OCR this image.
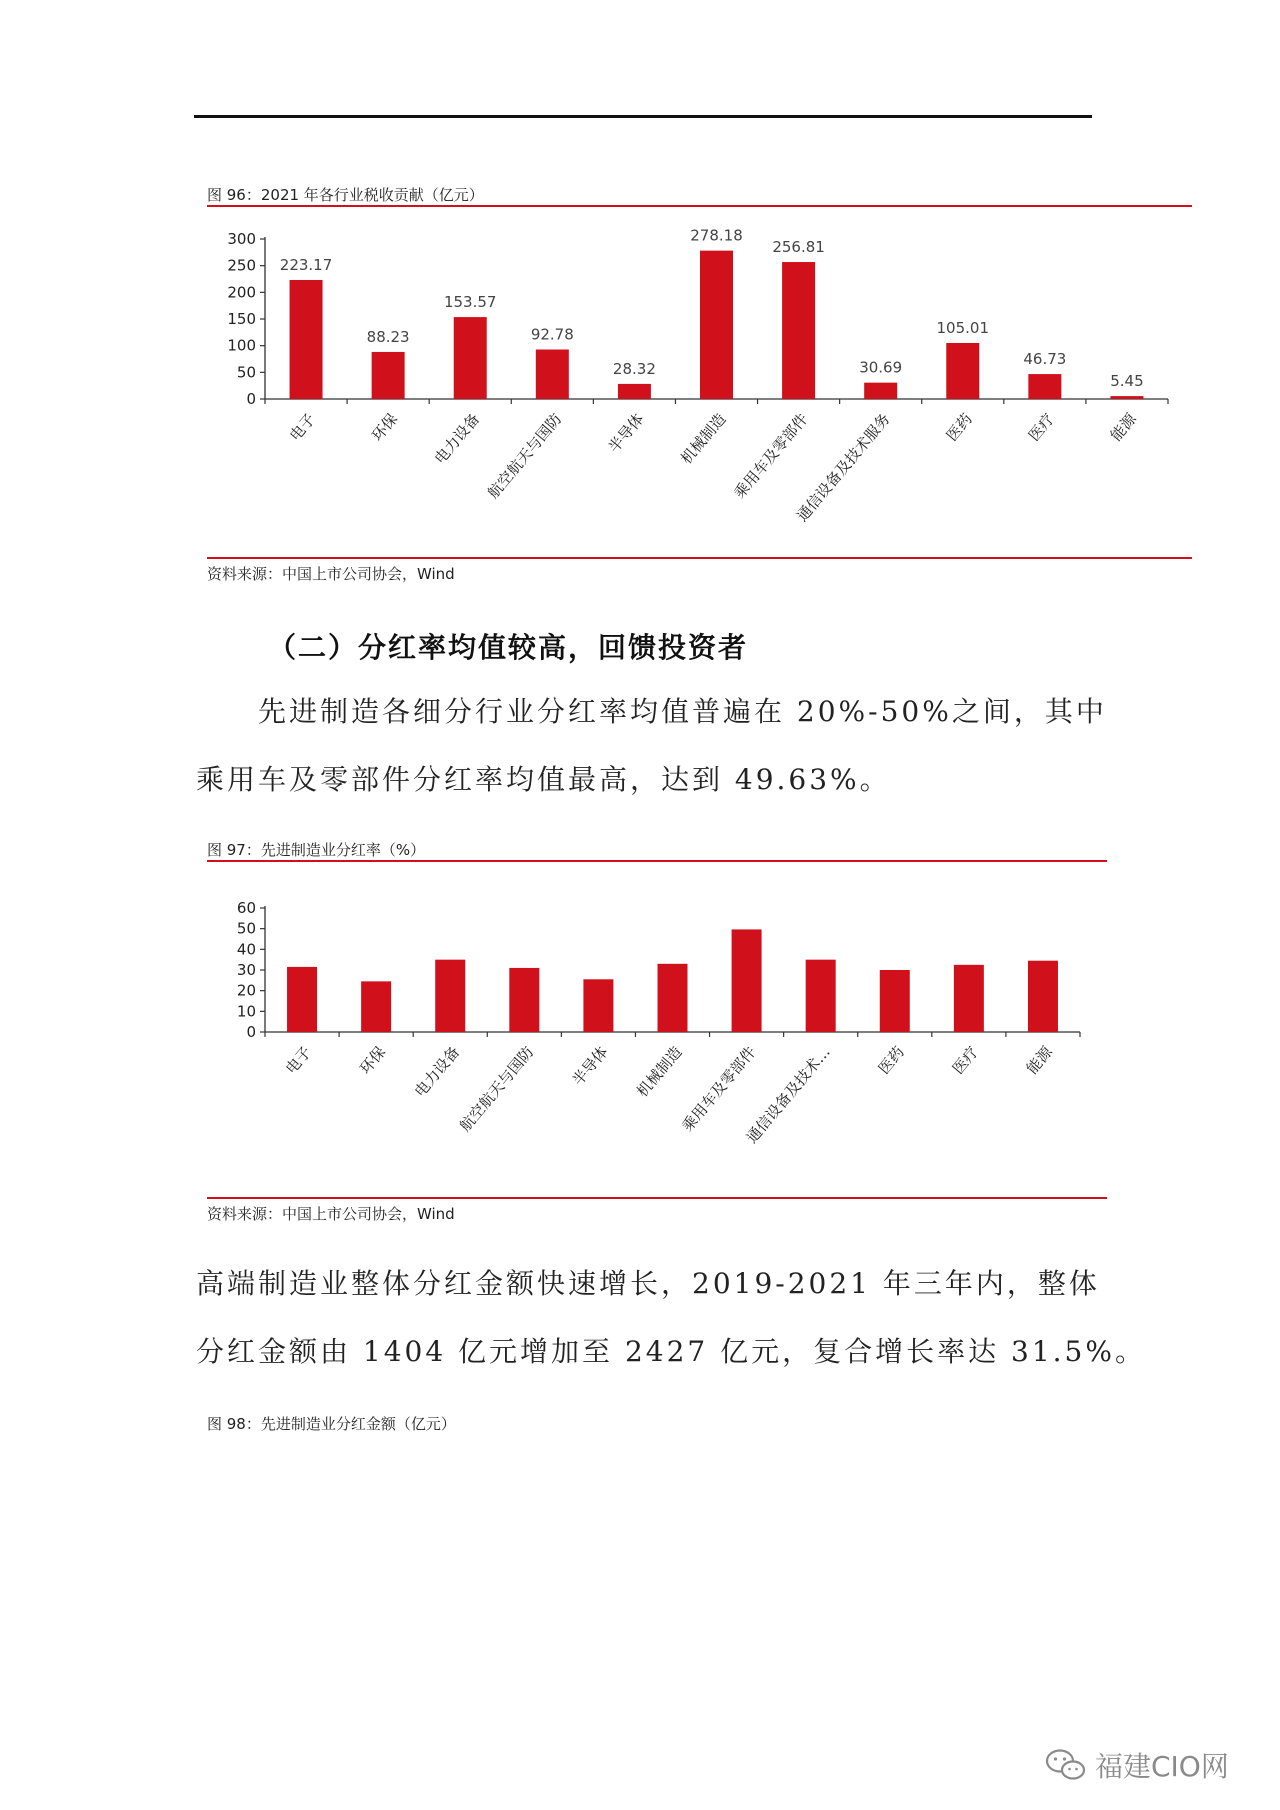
图 96：2021 年各行业税收贡献（亿元）
0
50
100
150
200
250
300
223.17
电子
88.23
环保
153.57
电力设备
92.78
航空航天与国防
28.32
半导体
278.18
机械制造
256.81
乘用车及零部件
30.69
通信设备及技术服务
105.01
医药
46.73
医疗
5.45
能源
资料来源：中国上市公司协会，Wind
（二）分红率均值较高，回馈投资者
先进制造各细分行业分红率均值普遍在 20%-50%之间，其中
乘用车及零部件分红率均值最高，达到 49.63%。
图 97：先进制造业分红率（%）
0
10
20
30
40
50
60
电子	环保 电力设备
航空航天与国防 半导体 机械制造
乘用车及零部件
通信设备及技术…	医药	医疗	能源
资料来源：中国上市公司协会，Wind
高端制造业整体分红金额快速增长，2019-2021 年三年内，整体
分红金额由 1404 亿元增加至 2427 亿元，复合增长率达 31.5%。
图 98：先进制造业分红金额（亿元）
福建CIO网
